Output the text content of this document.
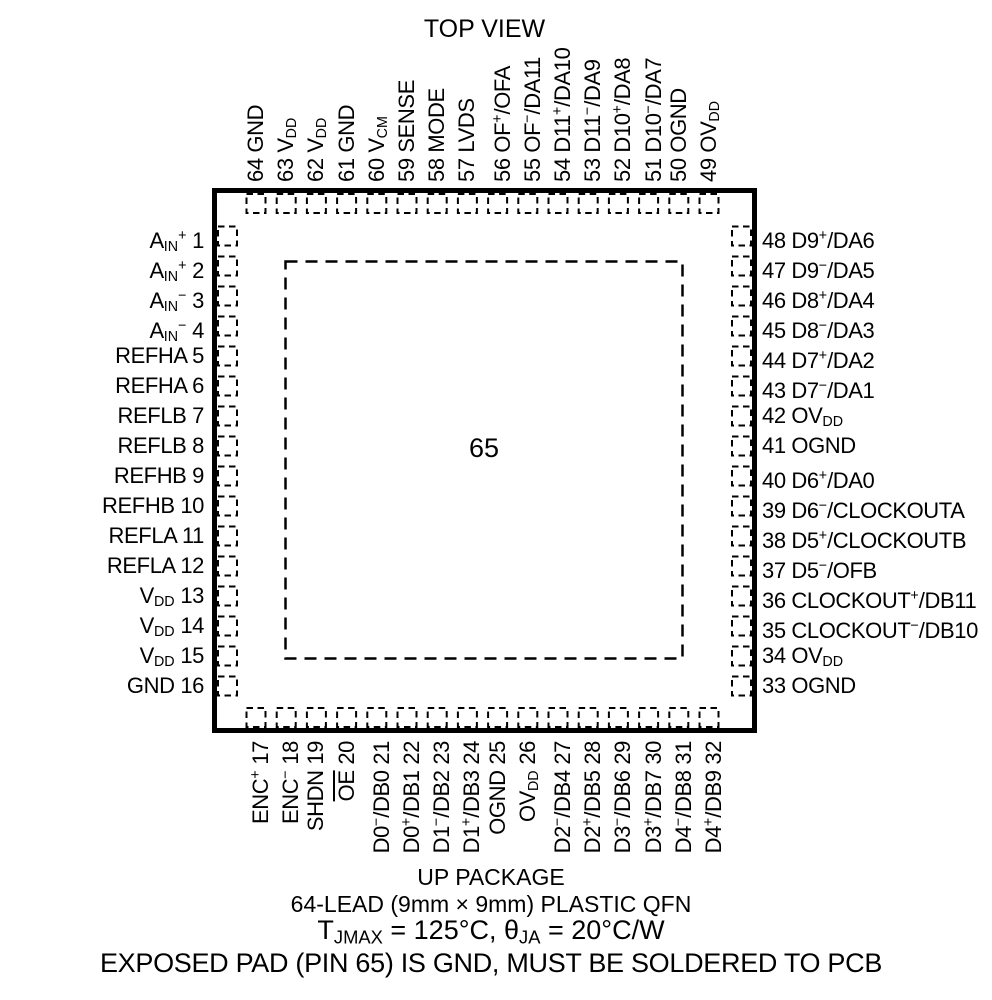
TOP VIEW
65
$A_{IN}^+$ 1
$A_{IN}^+$ 2
$A_{IN}^-$ 3
$A_{IN}^-$ 4
REFHA 5
REFHA 6
REFLB 7
REFLB 8
REFHB 9
REFHB 10
REFLA 11
REFLA 12
$V_{DD}$ 13
$V_{DD}$ 14
$V_{DD}$ 15
GND 16
48 D9+/DA6
47 D9−/DA5
46 D8+/DA4
45 D8−/DA3
44 D7+/DA2
43 D7−/DA1
42 $OV_{DD}$
41 OGND
40 D6+/DA0
39 D6−/CLOCKOUTA
38 D5+/CLOCKOUTB
37 D5−/OFB
36 CLOCKOUT+/DB11
35 CLOCKOUT−/DB10
34 $OV_{DD}$
33 OGND
64 GND 63 $V_{DD}$
62 $V_{DD}$ 61 GND 60 $V_{CM}$ 59 SENSE 58 MODE 57 LVDS 56 OF+/OFA
55 OF−/DA11
54 D11+/DA10
53 D11−/DA9
52 D10+/DA8
51 D10−/DA7
50 OGND 49 $OV_{DD}$
ENC+ 17
ENC− 18 SHDN 19 OE 20
D0−/DB0 21
D0+/DB1 22
D1−/DB2 23
D1+/DB3 24 OGND 25 $OV_{DD}$ 26
D2−/DB4 27
D2+/DB5 28
D3−/DB6 29
D3+/DB7 30
D4−/DB8 31
D4+/DB9 32
UP PACKAGE
64-LEAD (9mm × 9mm) PLASTIC QFN
$T_{JMAX} = 125^\circ C$, $\theta_{JA} = 20^\circ C/W$
EXPOSED PAD (PIN 65) IS GND, MUST BE SOLDERED TO PCB
